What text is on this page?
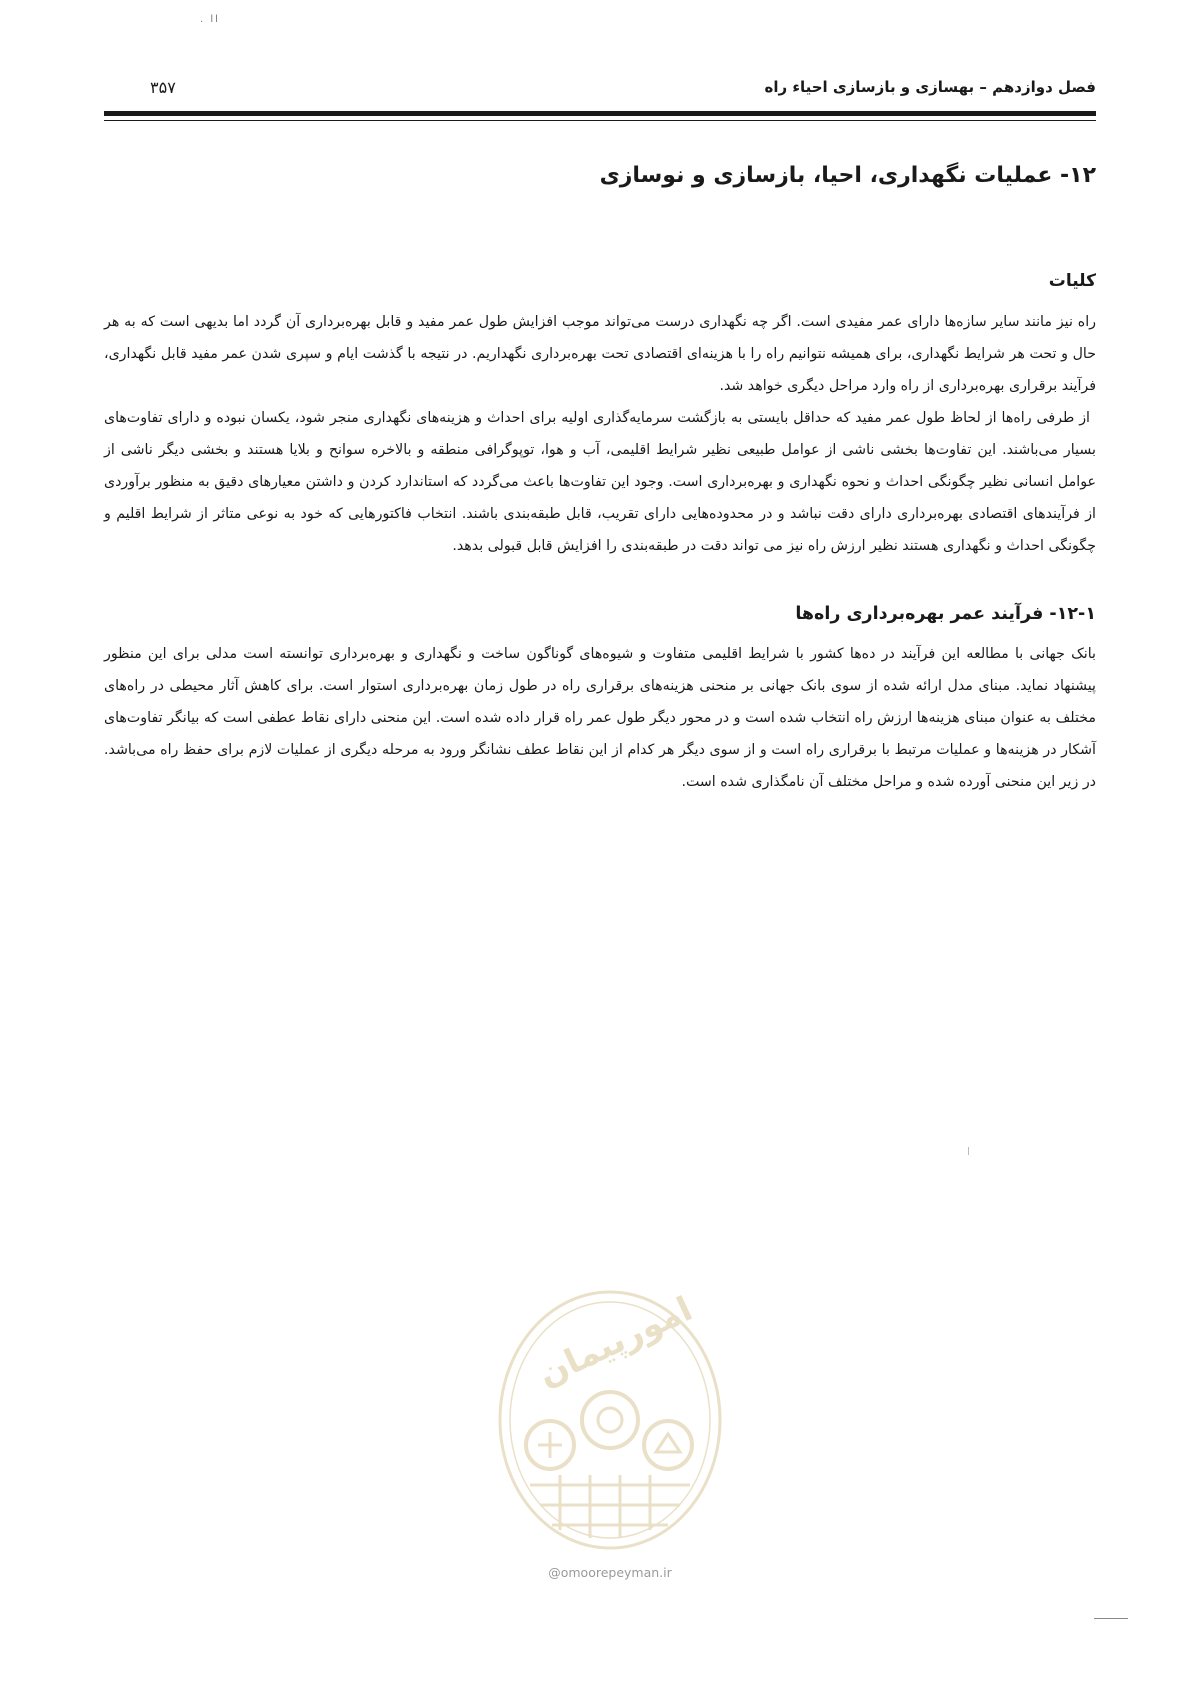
. ll
فصل دوازدهم – بهسازی و بازسازی احیاء راه
۳۵۷
۱۲- عملیات نگهداری، احیا، بازسازی و نوسازی
کلیات

راه نیز مانند سایر سازه‌ها دارای عمر مفیدی است. اگر چه نگهداری درست می‌تواند موجب افزایش طول عمر مفید و قابل بهره‌برداری آن گردد اما بدیهی است که به هر حال و تحت هر شرایط نگهداری، برای همیشه نتوانیم راه را با هزینه‌ای اقتصادی تحت بهره‌برداری نگهداریم. در نتیجه با گذشت ایام و سپری شدن عمر مفید قابل نگهداری، فرآیند برقراری بهره‌برداری از راه وارد مراحل دیگری خواهد شد.

از طرفی راه‌ها از لحاظ طول عمر مفید که حداقل بایستی به بازگشت سرمایه‌گذاری اولیه برای احداث و هزینه‌های نگهداری منجر شود، یکسان نبوده و دارای تفاوت‌های بسیار می‌باشند. این تفاوت‌ها بخشی ناشی از عوامل طبیعی نظیر شرایط اقلیمی، آب و هوا، توپوگرافی منطقه و بالاخره سوانح و بلایا هستند و بخشی دیگر ناشی از عوامل انسانی نظیر چگونگی احداث و نحوه نگهداری و بهره‌برداری است. وجود این تفاوت‌ها باعث می‌گردد که استاندارد کردن و داشتن معیارهای دقیق به منظور برآوردی از فرآیندهای اقتصادی بهره‌برداری دارای دقت نباشد و در محدوده‌هایی دارای تقریب، قابل طبقه‌بندی باشند. انتخاب فاکتورهایی که خود به نوعی متاثر از شرایط اقلیم و چگونگی احداث و نگهداری هستند نظیر ارزش راه نیز می تواند دقت در طبقه‌بندی را افزایش قابل قبولی بدهد.

۱۲-۱- فرآیند عمر بهره‌برداری راه‌ها

بانک جهانی با مطالعه این فرآیند در ده‌ها کشور با شرایط اقلیمی متفاوت و شیوه‌های گوناگون ساخت و نگهداری و بهره‌برداری توانسته است مدلی برای این منظور پیشنهاد نماید. مبنای مدل ارائه شده از سوی بانک جهانی بر منحنی هزینه‌های برقراری راه در طول زمان بهره‌برداری استوار است. برای کاهش آثار محیطی در راه‌های مختلف به عنوان مبنای هزینه‌ها ارزش راه انتخاب شده است و در محور دیگر طول عمر راه قرار داده شده است. این منحنی دارای نقاط عطفی است که بیانگر تفاوت‌های آشکار در هزینه‌ها و عملیات مرتبط با برقراری راه است و از سوی دیگر هر کدام از این نقاط عطف نشانگر ورود به مرحله دیگری از عملیات لازم برای حفظ راه می‌باشد. در زیر این منحنی آورده شده و مراحل مختلف آن نامگذاری شده است.

امورپیمان
@omoorepeyman.ir
